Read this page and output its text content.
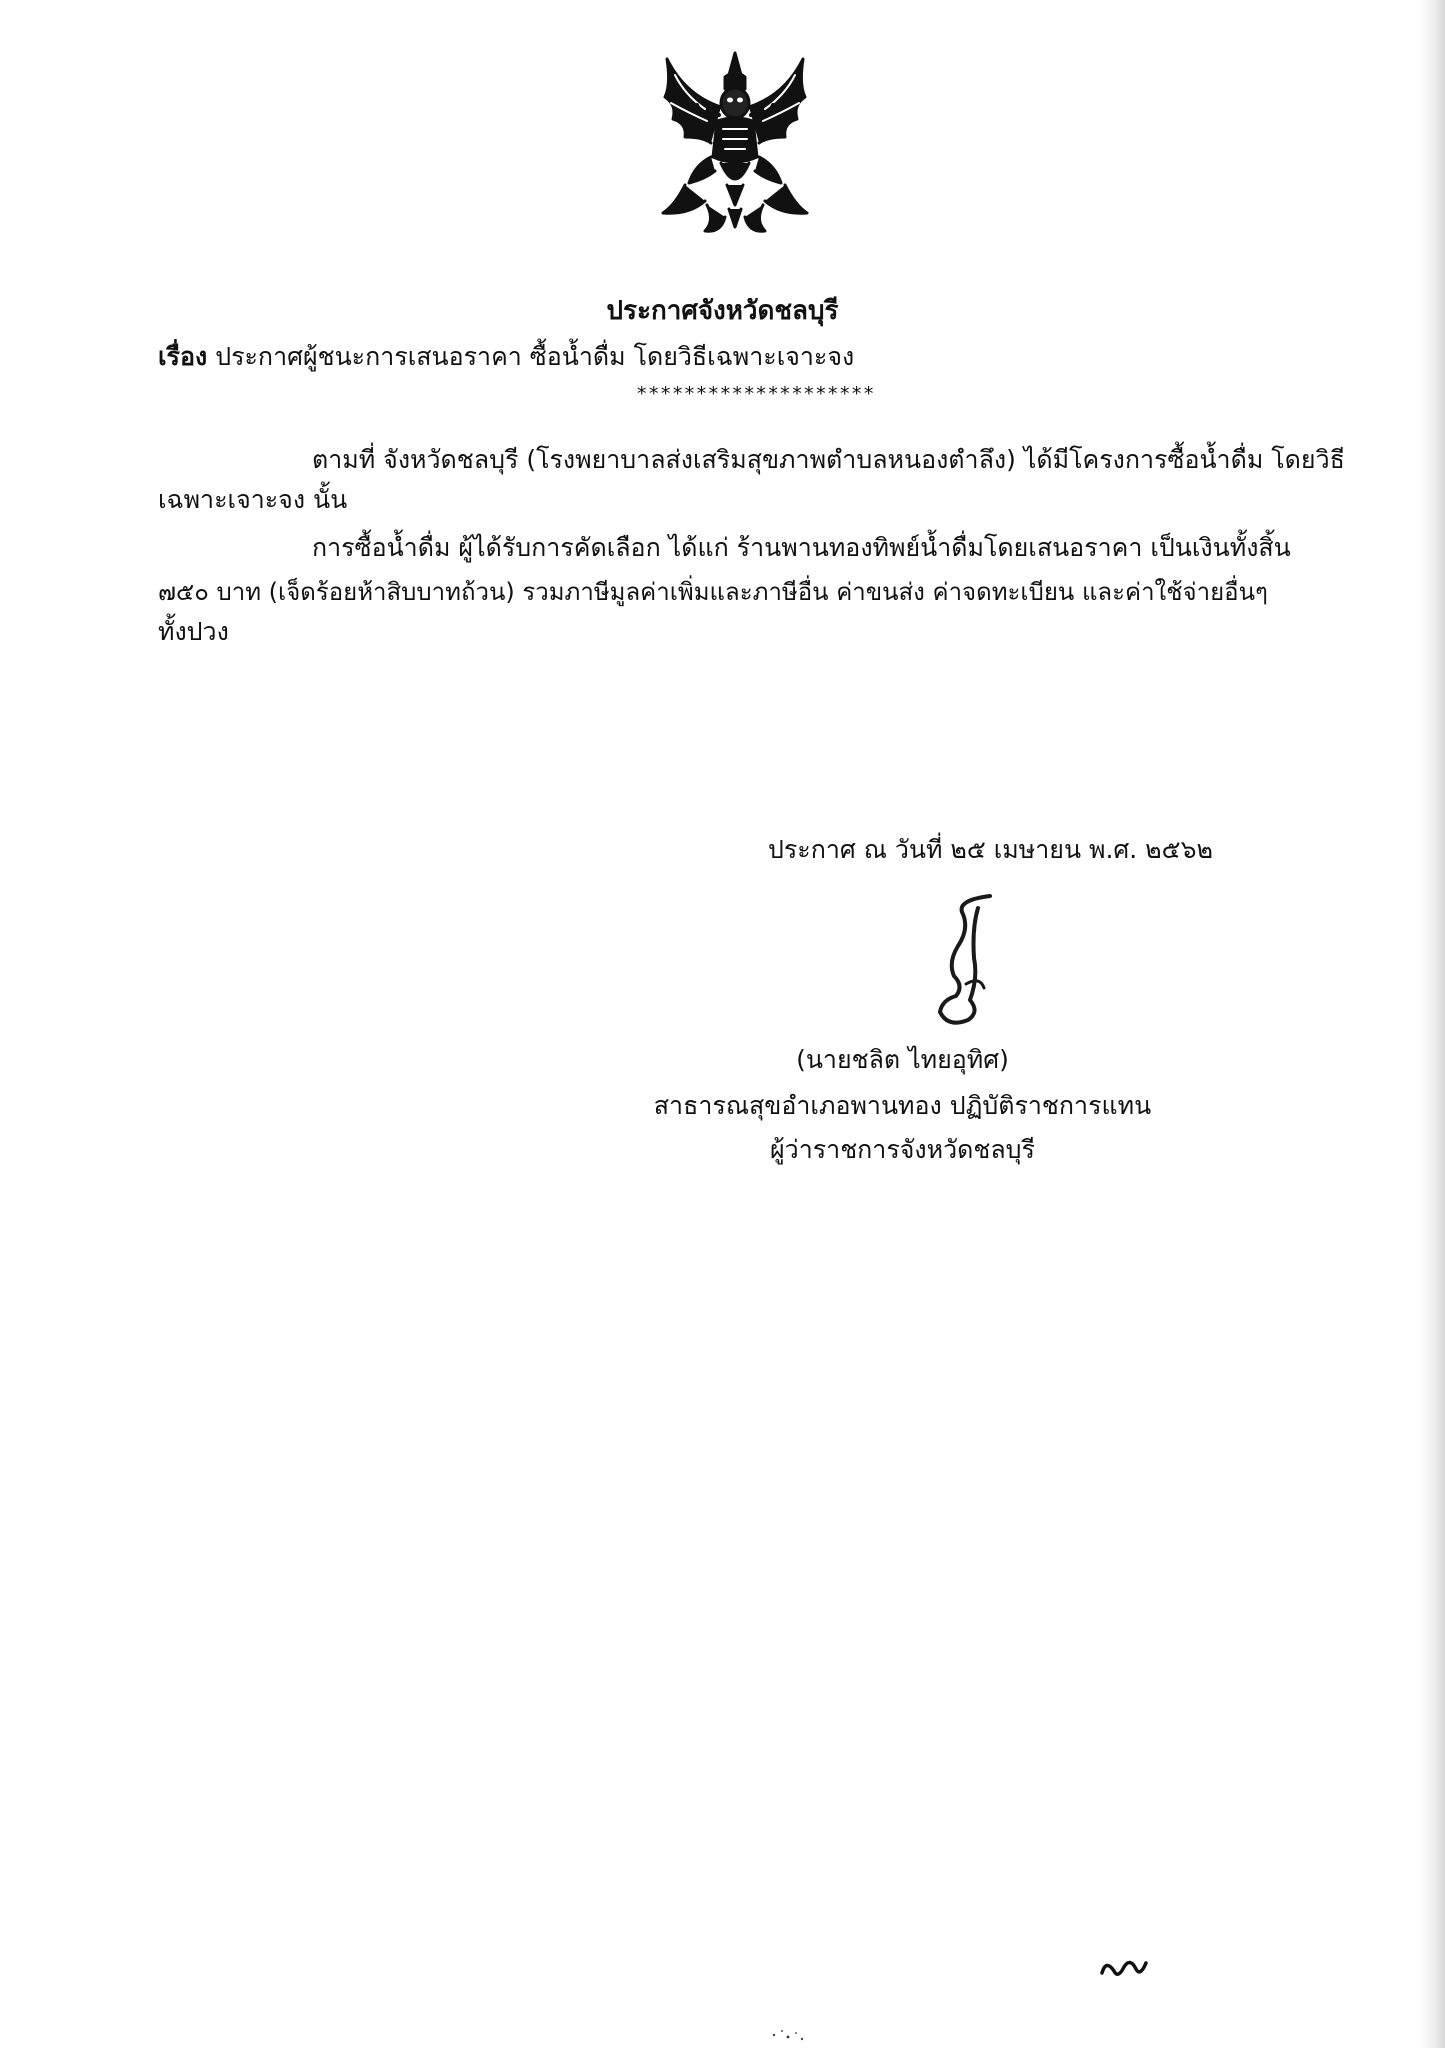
ประกาศจังหวัดชลบุรี
เรื่อง ประกาศผู้ชนะการเสนอราคา ซื้อน้ำดื่ม โดยวิธีเฉพาะเจาะจง
********************
ตามที่ จังหวัดชลบุรี (โรงพยาบาลส่งเสริมสุขภาพตำบลหนองตำลึง) ได้มีโครงการซื้อน้ำดื่ม โดยวิธี
เฉพาะเจาะจง นั้น
การซื้อน้ำดื่ม ผู้ได้รับการคัดเลือก ได้แก่ ร้านพานทองทิพย์น้ำดื่มโดยเสนอราคา เป็นเงินทั้งสิ้น
๗๕๐ บาท (เจ็ดร้อยห้าสิบบาทถ้วน) รวมภาษีมูลค่าเพิ่มและภาษีอื่น ค่าขนส่ง ค่าจดทะเบียน และค่าใช้จ่ายอื่นๆ
ทั้งปวง
ประกาศ ณ วันที่ ๒๕ เมษายน พ.ศ. ๒๕๖๒
(นายชลิต ไทยอุทิศ)
สาธารณสุขอำเภอพานทอง ปฏิบัติราชการแทน
ผู้ว่าราชการจังหวัดชลบุรี
